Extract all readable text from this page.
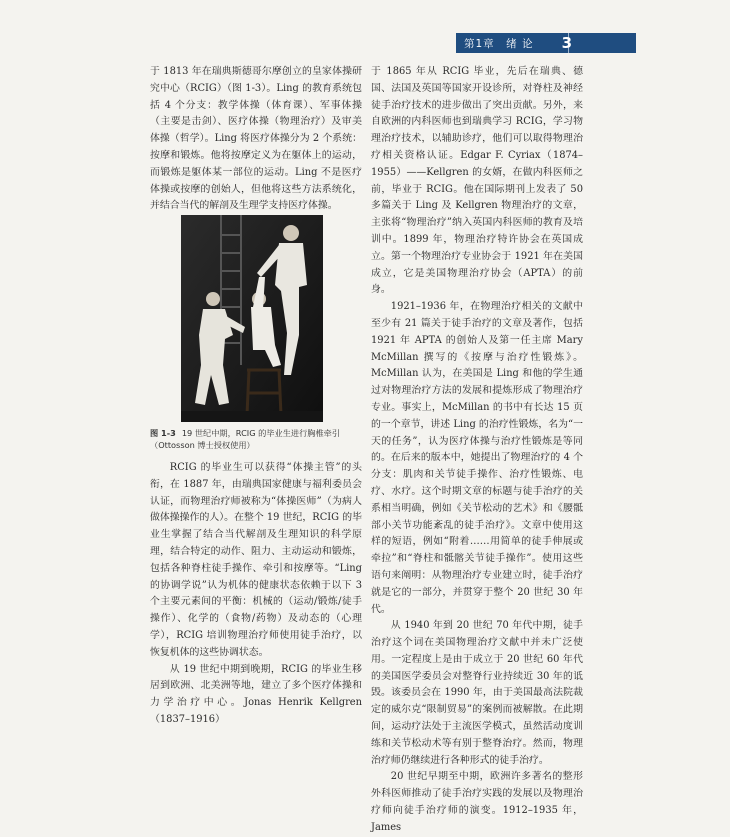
第1章　绪 论 3

于 1813 年在瑞典斯德哥尔摩创立的皇家体操研究中心（RCIG）（图 1-3）。Ling 的教育系统包括 4 个分支：教学体操（体育课）、军事体操（主要是击剑）、医疗体操（物理治疗）及审美体操（哲学）。Ling 将医疗体操分为 2 个系统：按摩和锻炼。他将按摩定义为在躯体上的运动，而锻炼是躯体某一部位的运动。Ling 不是医疗体操或按摩的创始人，但他将这些方法系统化，并结合当代的解剖及生理学支持医疗体操。

图 1-3 19 世纪中期，RCIG 的毕业生进行胸椎牵引（Ottosson 博士授权使用）

RCIG 的毕业生可以获得“体操主管”的头衔，在 1887 年，由瑞典国家健康与福利委员会认证，而物理治疗师被称为“体操医师”（为病人做体操操作的人）。在整个 19 世纪，RCIG 的毕业生掌握了结合当代解剖及生理知识的科学原理，结合特定的动作、阻力、主动运动和锻炼，包括各种脊柱徒手操作、牵引和按摩等。“Ling 的协调学说”认为机体的健康状态依赖于以下 3 个主要元素间的平衡：机械的（运动/锻炼/徒手操作）、化学的（食物/药物）及动态的（心理学），RCIG 培训物理治疗师使用徒手治疗，以恢复机体的这些协调状态。

从 19 世纪中期到晚期，RCIG 的毕业生移居到欧洲、北美洲等地，建立了多个医疗体操和力学治疗中心。Jonas Henrik Kellgren（1837–1916）

于 1865 年从 RCIG 毕业，先后在瑞典、德国、法国及英国等国家开设诊所，对脊柱及神经徒手治疗技术的进步做出了突出贡献。另外，来自欧洲的内科医师也到瑞典学习 RCIG，学习物理治疗技术，以辅助诊疗，他们可以取得物理治疗相关资格认证。Edgar F. Cyriax（1874–1955）——Kellgren 的女婿，在做内科医师之前，毕业于 RCIG。他在国际期刊上发表了 50 多篇关于 Ling 及 Kellgren 物理治疗的文章，主张将“物理治疗”纳入英国内科医师的教育及培训中。1899 年，物理治疗特许协会在英国成立。第一个物理治疗专业协会于 1921 年在美国成立，它是美国物理治疗协会（APTA）的前身。

1921–1936 年，在物理治疗相关的文献中至少有 21 篇关于徒手治疗的文章及著作，包括 1921 年 APTA 的创始人及第一任主席 Mary McMillan 撰写的《按摩与治疗性锻炼》。McMillan 认为，在美国是 Ling 和他的学生通过对物理治疗方法的发展和提炼形成了物理治疗专业。事实上，McMillan 的书中有长达 15 页的一个章节，讲述 Ling 的治疗性锻炼，名为“一天的任务”，认为医疗体操与治疗性锻炼是等同的。在后来的版本中，她提出了物理治疗的 4 个分支：肌肉和关节徒手操作、治疗性锻炼、电疗、水疗。这个时期文章的标题与徒手治疗的关系相当明确，例如《关节松动的艺术》和《腰骶部小关节功能紊乱的徒手治疗》。文章中使用这样的短语，例如“附着……用简单的徒手伸展或牵拉”和“脊柱和骶髂关节徒手操作”。使用这些语句来阐明：从物理治疗专业建立时，徒手治疗就是它的一部分，并贯穿于整个 20 世纪 30 年代。

从 1940 年到 20 世纪 70 年代中期，徒手治疗这个词在美国物理治疗文献中并未广泛使用。一定程度上是由于成立于 20 世纪 60 年代的美国医学委员会对整脊行业持续近 30 年的诋毁。该委员会在 1990 年，由于美国最高法院裁定的威尔克“限制贸易”的案例而被解散。在此期间，运动疗法处于主流医学模式，虽然活动度训练和关节松动术等有别于整脊治疗。然而，物理治疗师仍继续进行各种形式的徒手治疗。

20 世纪早期至中期，欧洲许多著名的整形外科医师推动了徒手治疗实践的发展以及物理治疗师向徒手治疗师的演变。1912–1935 年，James
